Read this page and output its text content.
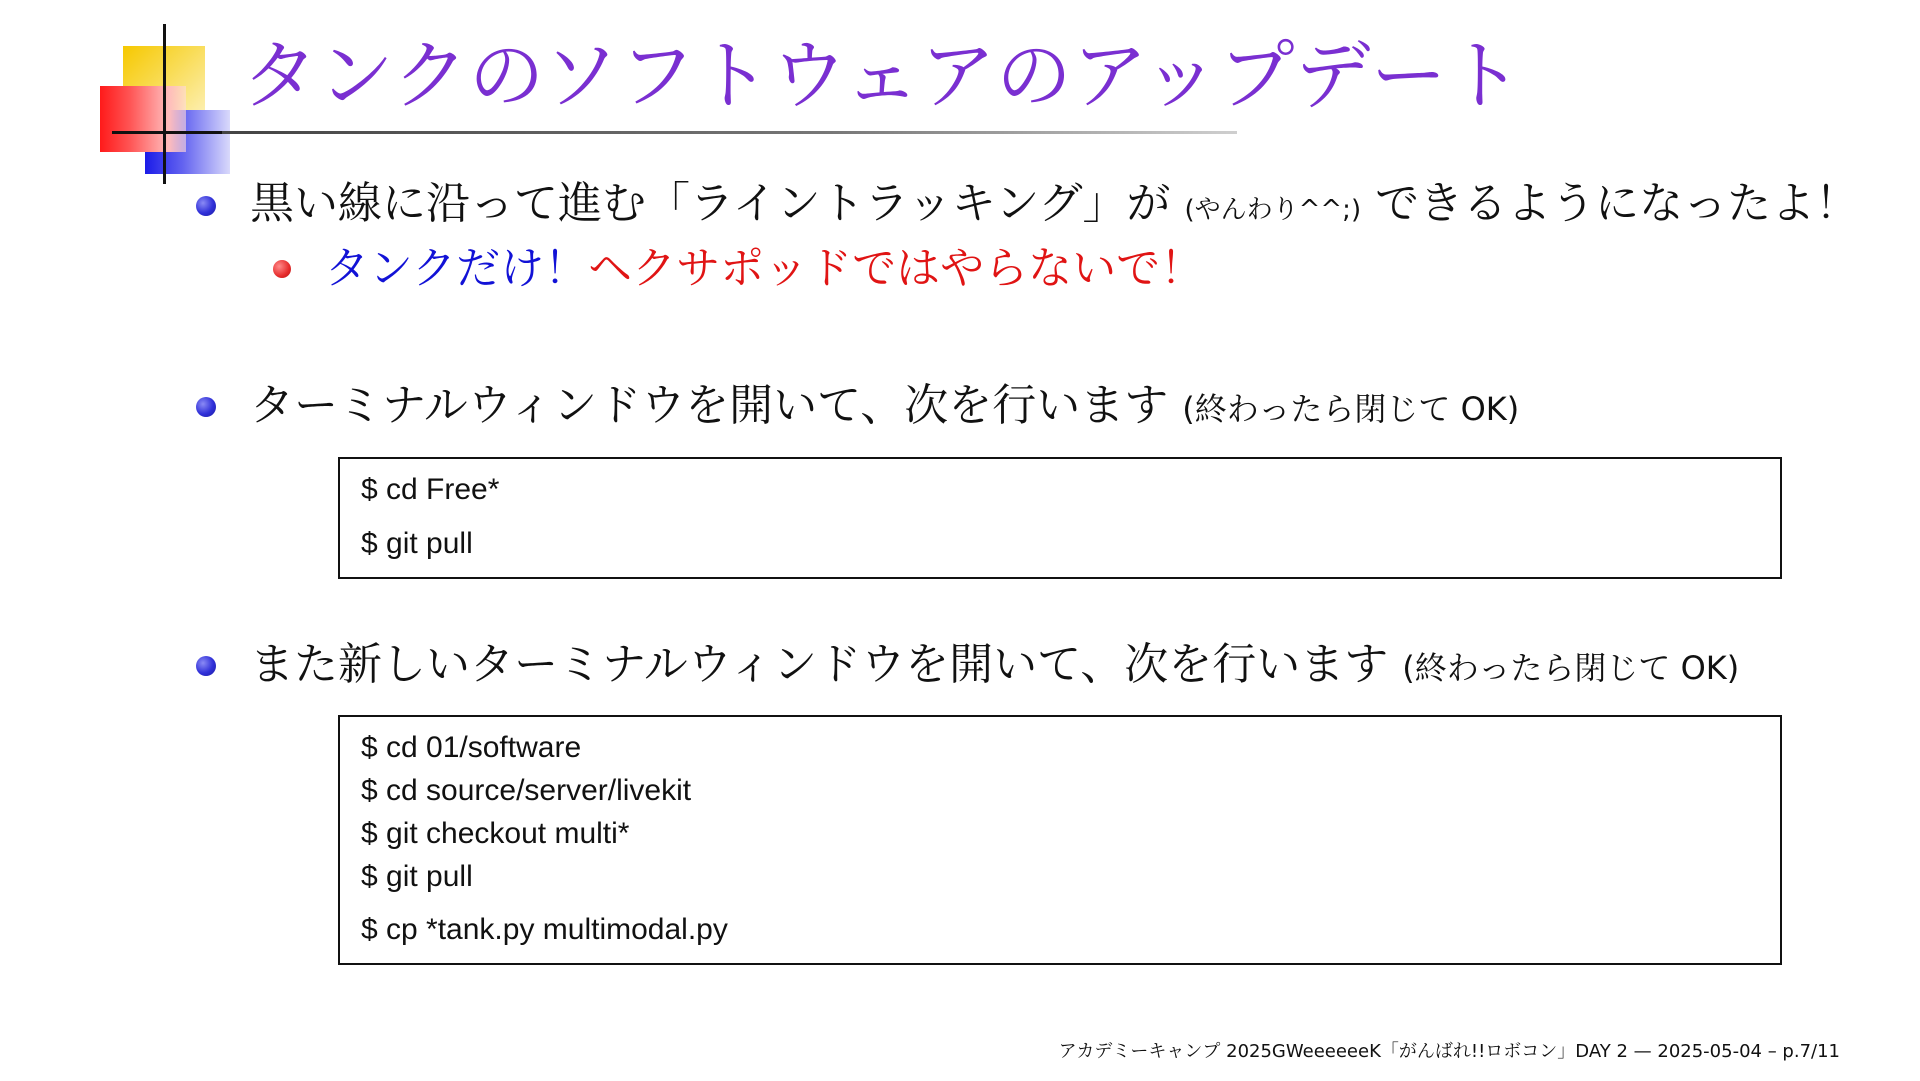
タンクのソフトウェアのアップデート
黒い線に沿って進む「ライントラッキング」が (やんわり^^;) できるようになったよ！
タンクだけ！ヘクサポッドではやらないで！
ターミナルウィンドウを開いて、次を行います (終わったら閉じて OK)
$ cd Free*
$ git pull
また新しいターミナルウィンドウを開いて、次を行います (終わったら閉じて OK)
$ cd 01/software
$ cd source/server/livekit
$ git checkout multi*
$ git pull
$ cp *tank.py multimodal.py
アカデミーキャンプ 2025GWeeeeeeK「がんばれ!!ロボコン」DAY 2 — 2025-05-04 – p.7/11
